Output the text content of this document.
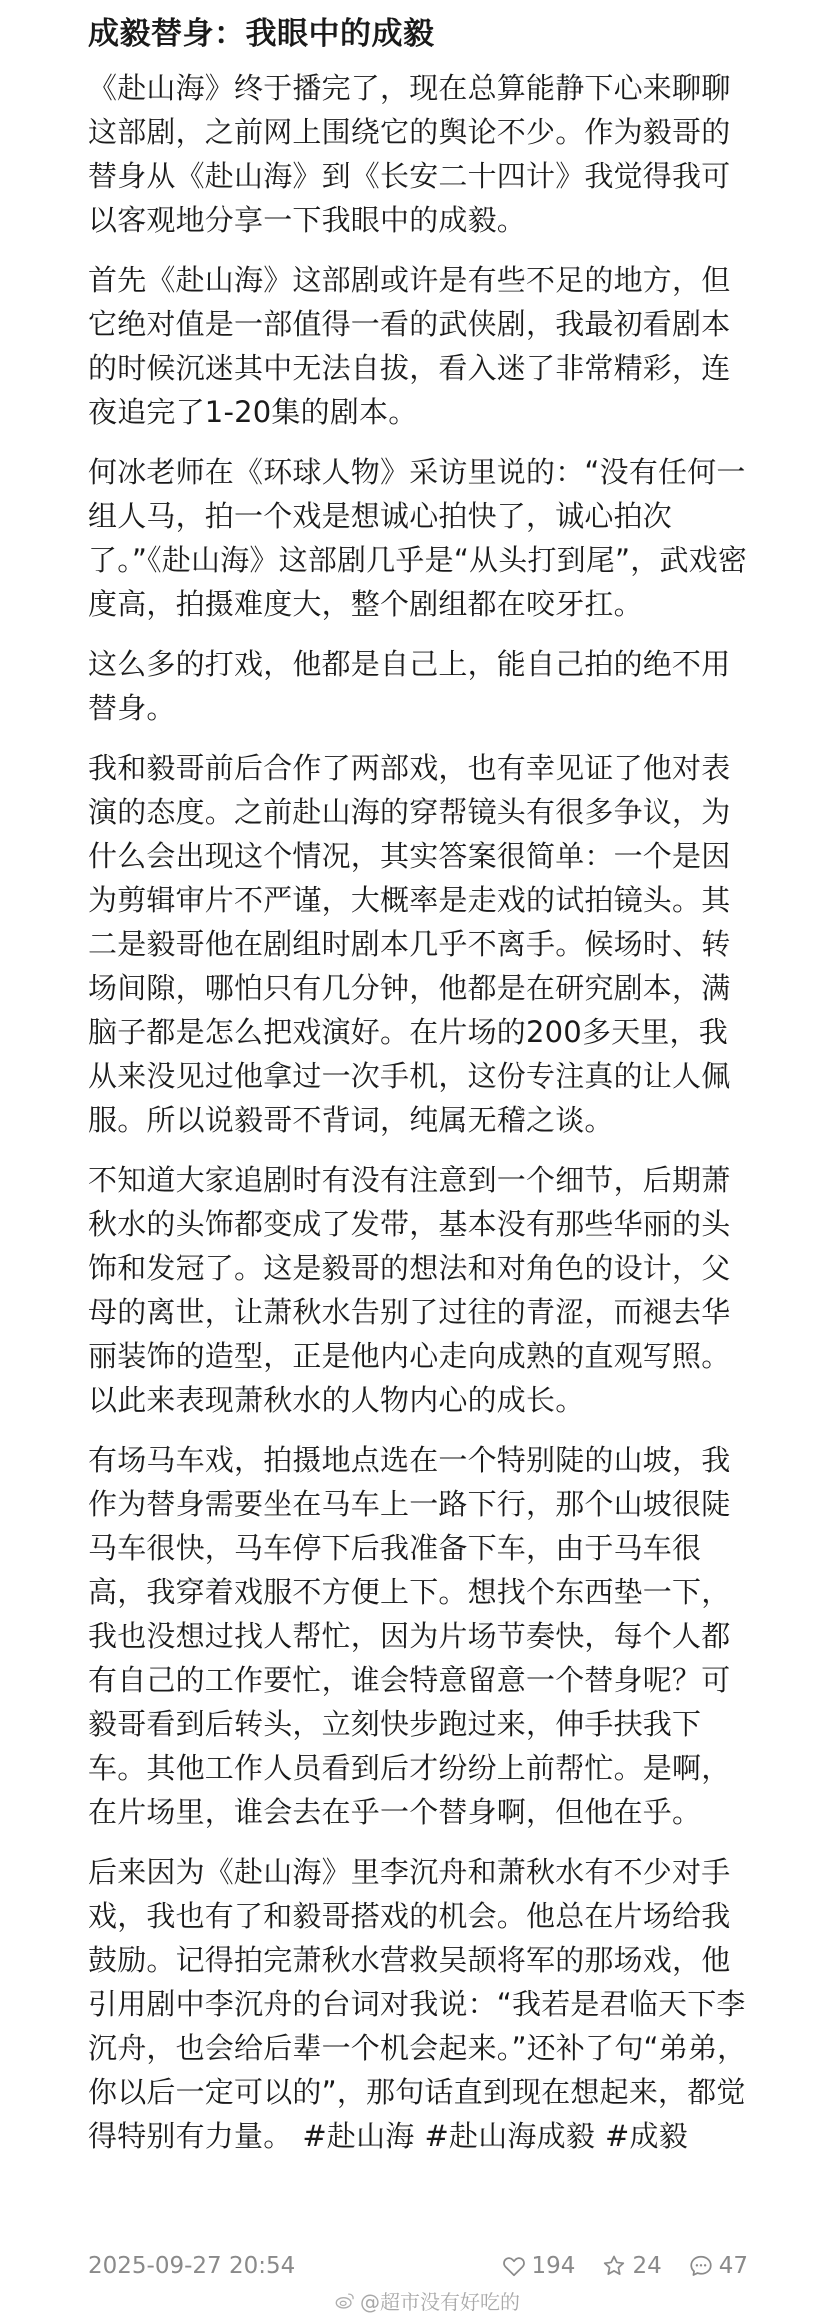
成毅替身：我眼中的成毅

《赴山海》终于播完了，现在总算能静下心来聊聊这部剧，之前网上围绕它的舆论不少。作为毅哥的替身从《赴山海》到《长安二十四计》我觉得我可以客观地分享一下我眼中的成毅。

首先《赴山海》这部剧或许是有些不足的地方，但它绝对值是一部值得一看的武侠剧，我最初看剧本的时候沉迷其中无法自拔，看入迷了非常精彩，连夜追完了1-20集的剧本。

何冰老师在《环球人物》采访里说的：“没有任何一组人马，拍一个戏是想诚心拍快了，诚心拍次了。”《赴山海》这部剧几乎是“从头打到尾”，武戏密度高，拍摄难度大，整个剧组都在咬牙扛。

这么多的打戏，他都是自己上，能自己拍的绝不用替身。

我和毅哥前后合作了两部戏，也有幸见证了他对表演的态度。之前赴山海的穿帮镜头有很多争议，为什么会出现这个情况，其实答案很简单：一个是因为剪辑审片不严谨，大概率是走戏的试拍镜头。其二是毅哥他在剧组时剧本几乎不离手。候场时、转场间隙，哪怕只有几分钟，他都是在研究剧本，满脑子都是怎么把戏演好。在片场的200多天里，我从来没见过他拿过一次手机，这份专注真的让人佩服。所以说毅哥不背词，纯属无稽之谈。

不知道大家追剧时有没有注意到一个细节，后期萧秋水的头饰都变成了发带，基本没有那些华丽的头饰和发冠了。这是毅哥的想法和对角色的设计，父母的离世，让萧秋水告别了过往的青涩，而褪去华丽装饰的造型，正是他内心走向成熟的直观写照。以此来表现萧秋水的人物内心的成长。

有场马车戏，拍摄地点选在一个特别陡的山坡，我作为替身需要坐在马车上一路下行，那个山坡很陡马车很快，马车停下后我准备下车，由于马车很高，我穿着戏服不方便上下。想找个东西垫一下，我也没想过找人帮忙，因为片场节奏快，每个人都有自己的工作要忙，谁会特意留意一个替身呢？可毅哥看到后转头，立刻快步跑过来，伸手扶我下车。其他工作人员看到后才纷纷上前帮忙。是啊，在片场里，谁会去在乎一个替身啊，但他在乎。

后来因为《赴山海》里李沉舟和萧秋水有不少对手戏，我也有了和毅哥搭戏的机会。他总在片场给我鼓励。记得拍完萧秋水营救吴颉将军的那场戏，他引用剧中李沉舟的台词对我说：“我若是君临天下李沉舟，也会给后辈一个机会起来。”还补了句“弟弟，你以后一定可以的”，那句话直到现在想起来，都觉得特别有力量。 #赴山海 #赴山海成毅 #成毅

2025-09-27 20:54	194 24 47
@超市没有好吃的
